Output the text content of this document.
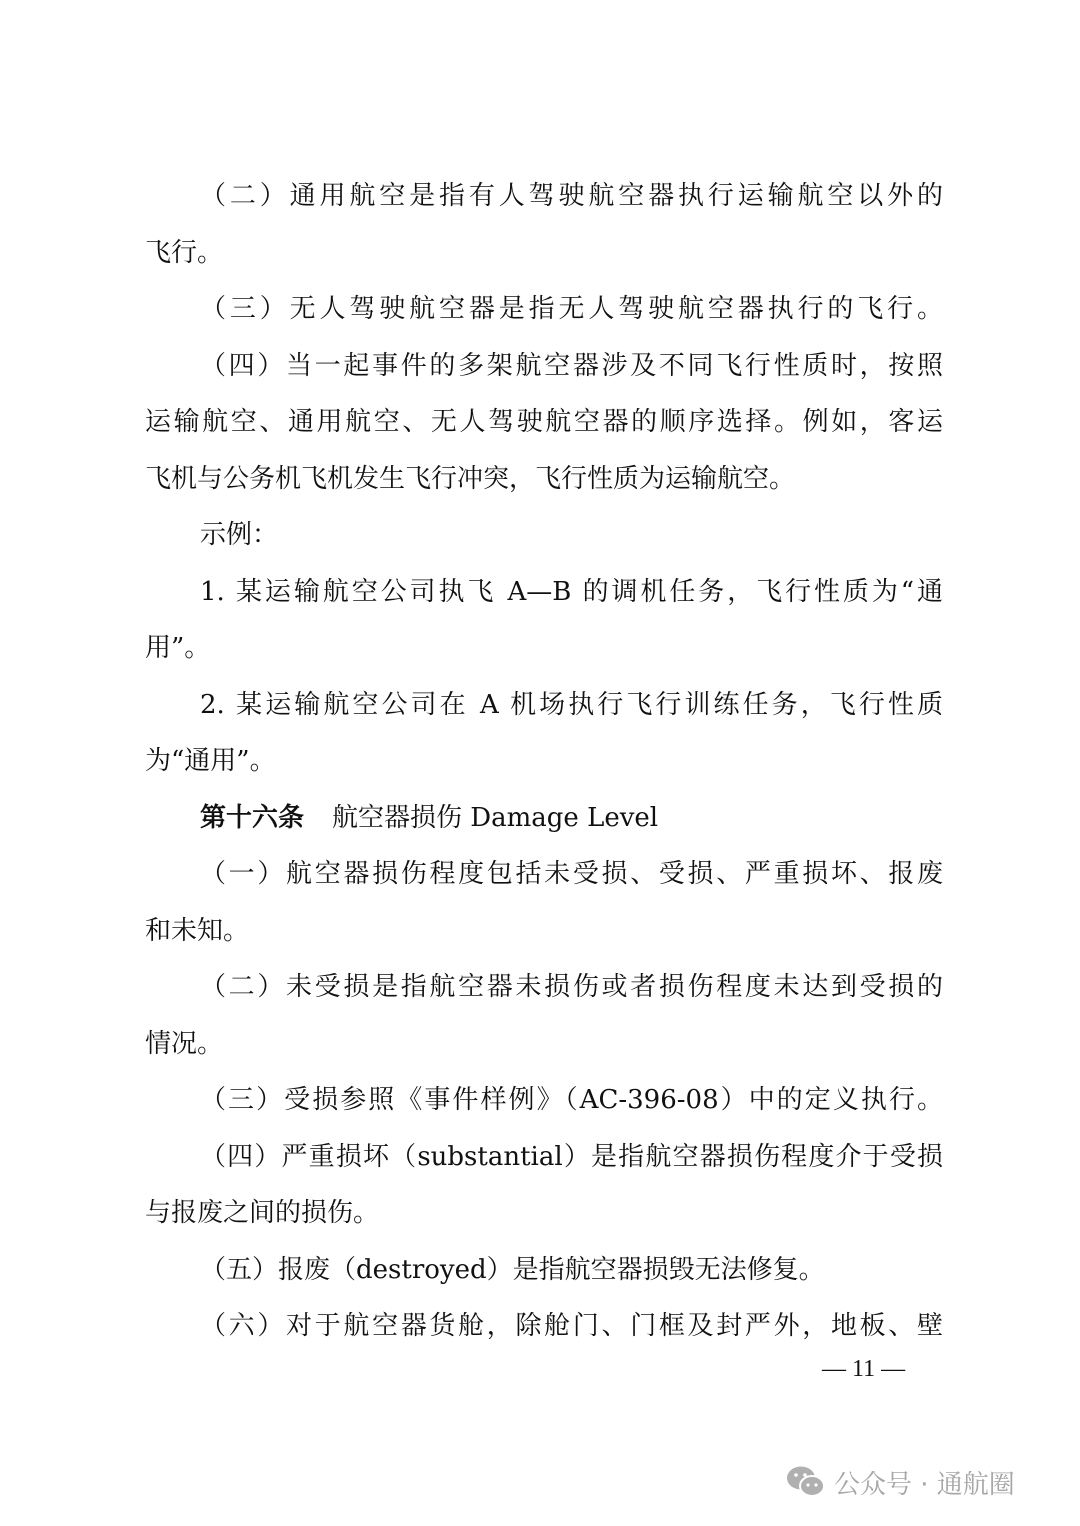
（二）通用航空是指有人驾驶航空器执行运输航空以外的
飞行。
（三）无人驾驶航空器是指无人驾驶航空器执行的飞行。
（四）当一起事件的多架航空器涉及不同飞行性质时，按照
运输航空、通用航空、无人驾驶航空器的顺序选择。例如，客运
飞机与公务机飞机发生飞行冲突，飞行性质为运输航空。
示例：
1. 某运输航空公司执飞 A—B 的调机任务，飞行性质为“通
用”。
2. 某运输航空公司在 A 机场执行飞行训练任务，飞行性质
为“通用”。
第十六条 航空器损伤 Damage Level
（一）航空器损伤程度包括未受损、受损、严重损坏、报废
和未知。
（二）未受损是指航空器未损伤或者损伤程度未达到受损的
情况。
（三）受损参照《事件样例》（AC-396-08）中的定义执行。
（四）严重损坏（substantial）是指航空器损伤程度介于受损
与报废之间的损伤。
（五）报废（destroyed）是指航空器损毁无法修复。
（六）对于航空器货舱，除舱门、门框及封严外，地板、壁
— 11 —
公众号 · 通航圈
